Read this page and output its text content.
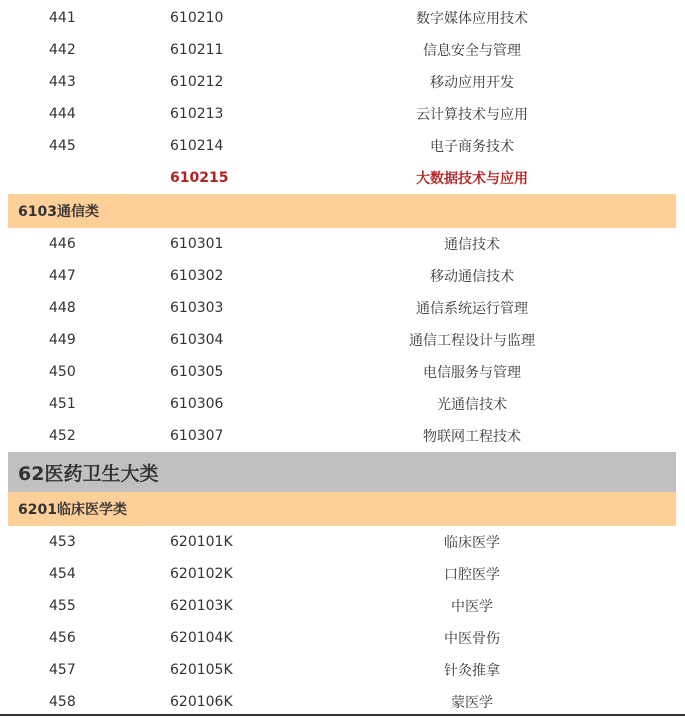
441	610210	数字媒体应用技术
442	610211	信息安全与管理
443	610212	移动应用开发
444	610213	云计算技术与应用
445	610214	电子商务技术
	610215	大数据技术与应用
6103通信类		
446	610301	通信技术
447	610302	移动通信技术
448	610303	通信系统运行管理
449	610304	通信工程设计与监理
450	610305	电信服务与管理
451	610306	光通信技术
452	610307	物联网工程技术
62医药卫生大类		
6201临床医学类		
453	620101K	临床医学
454	620102K	口腔医学
455	620103K	中医学
456	620104K	中医骨伤
457	620105K	针灸推拿
458	620106K	蒙医学
